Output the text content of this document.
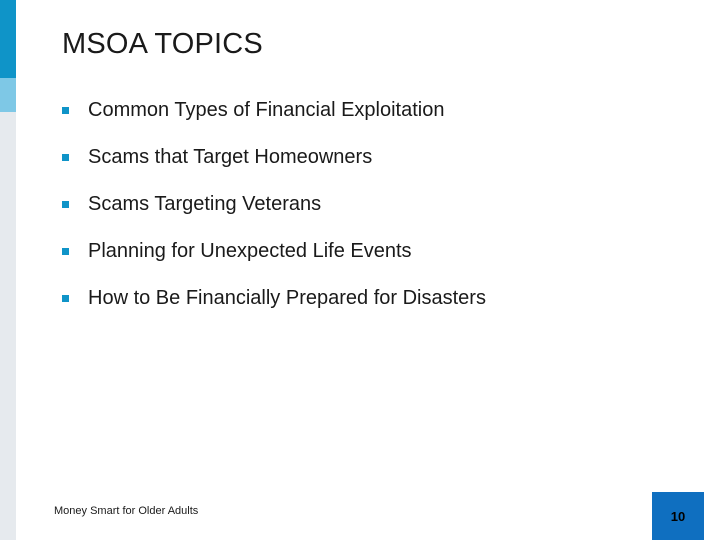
MSOA TOPICS
Common Types of Financial Exploitation
Scams that Target Homeowners
Scams Targeting Veterans
Planning for Unexpected Life Events
How to Be Financially Prepared for Disasters
Money Smart for Older Adults	10
